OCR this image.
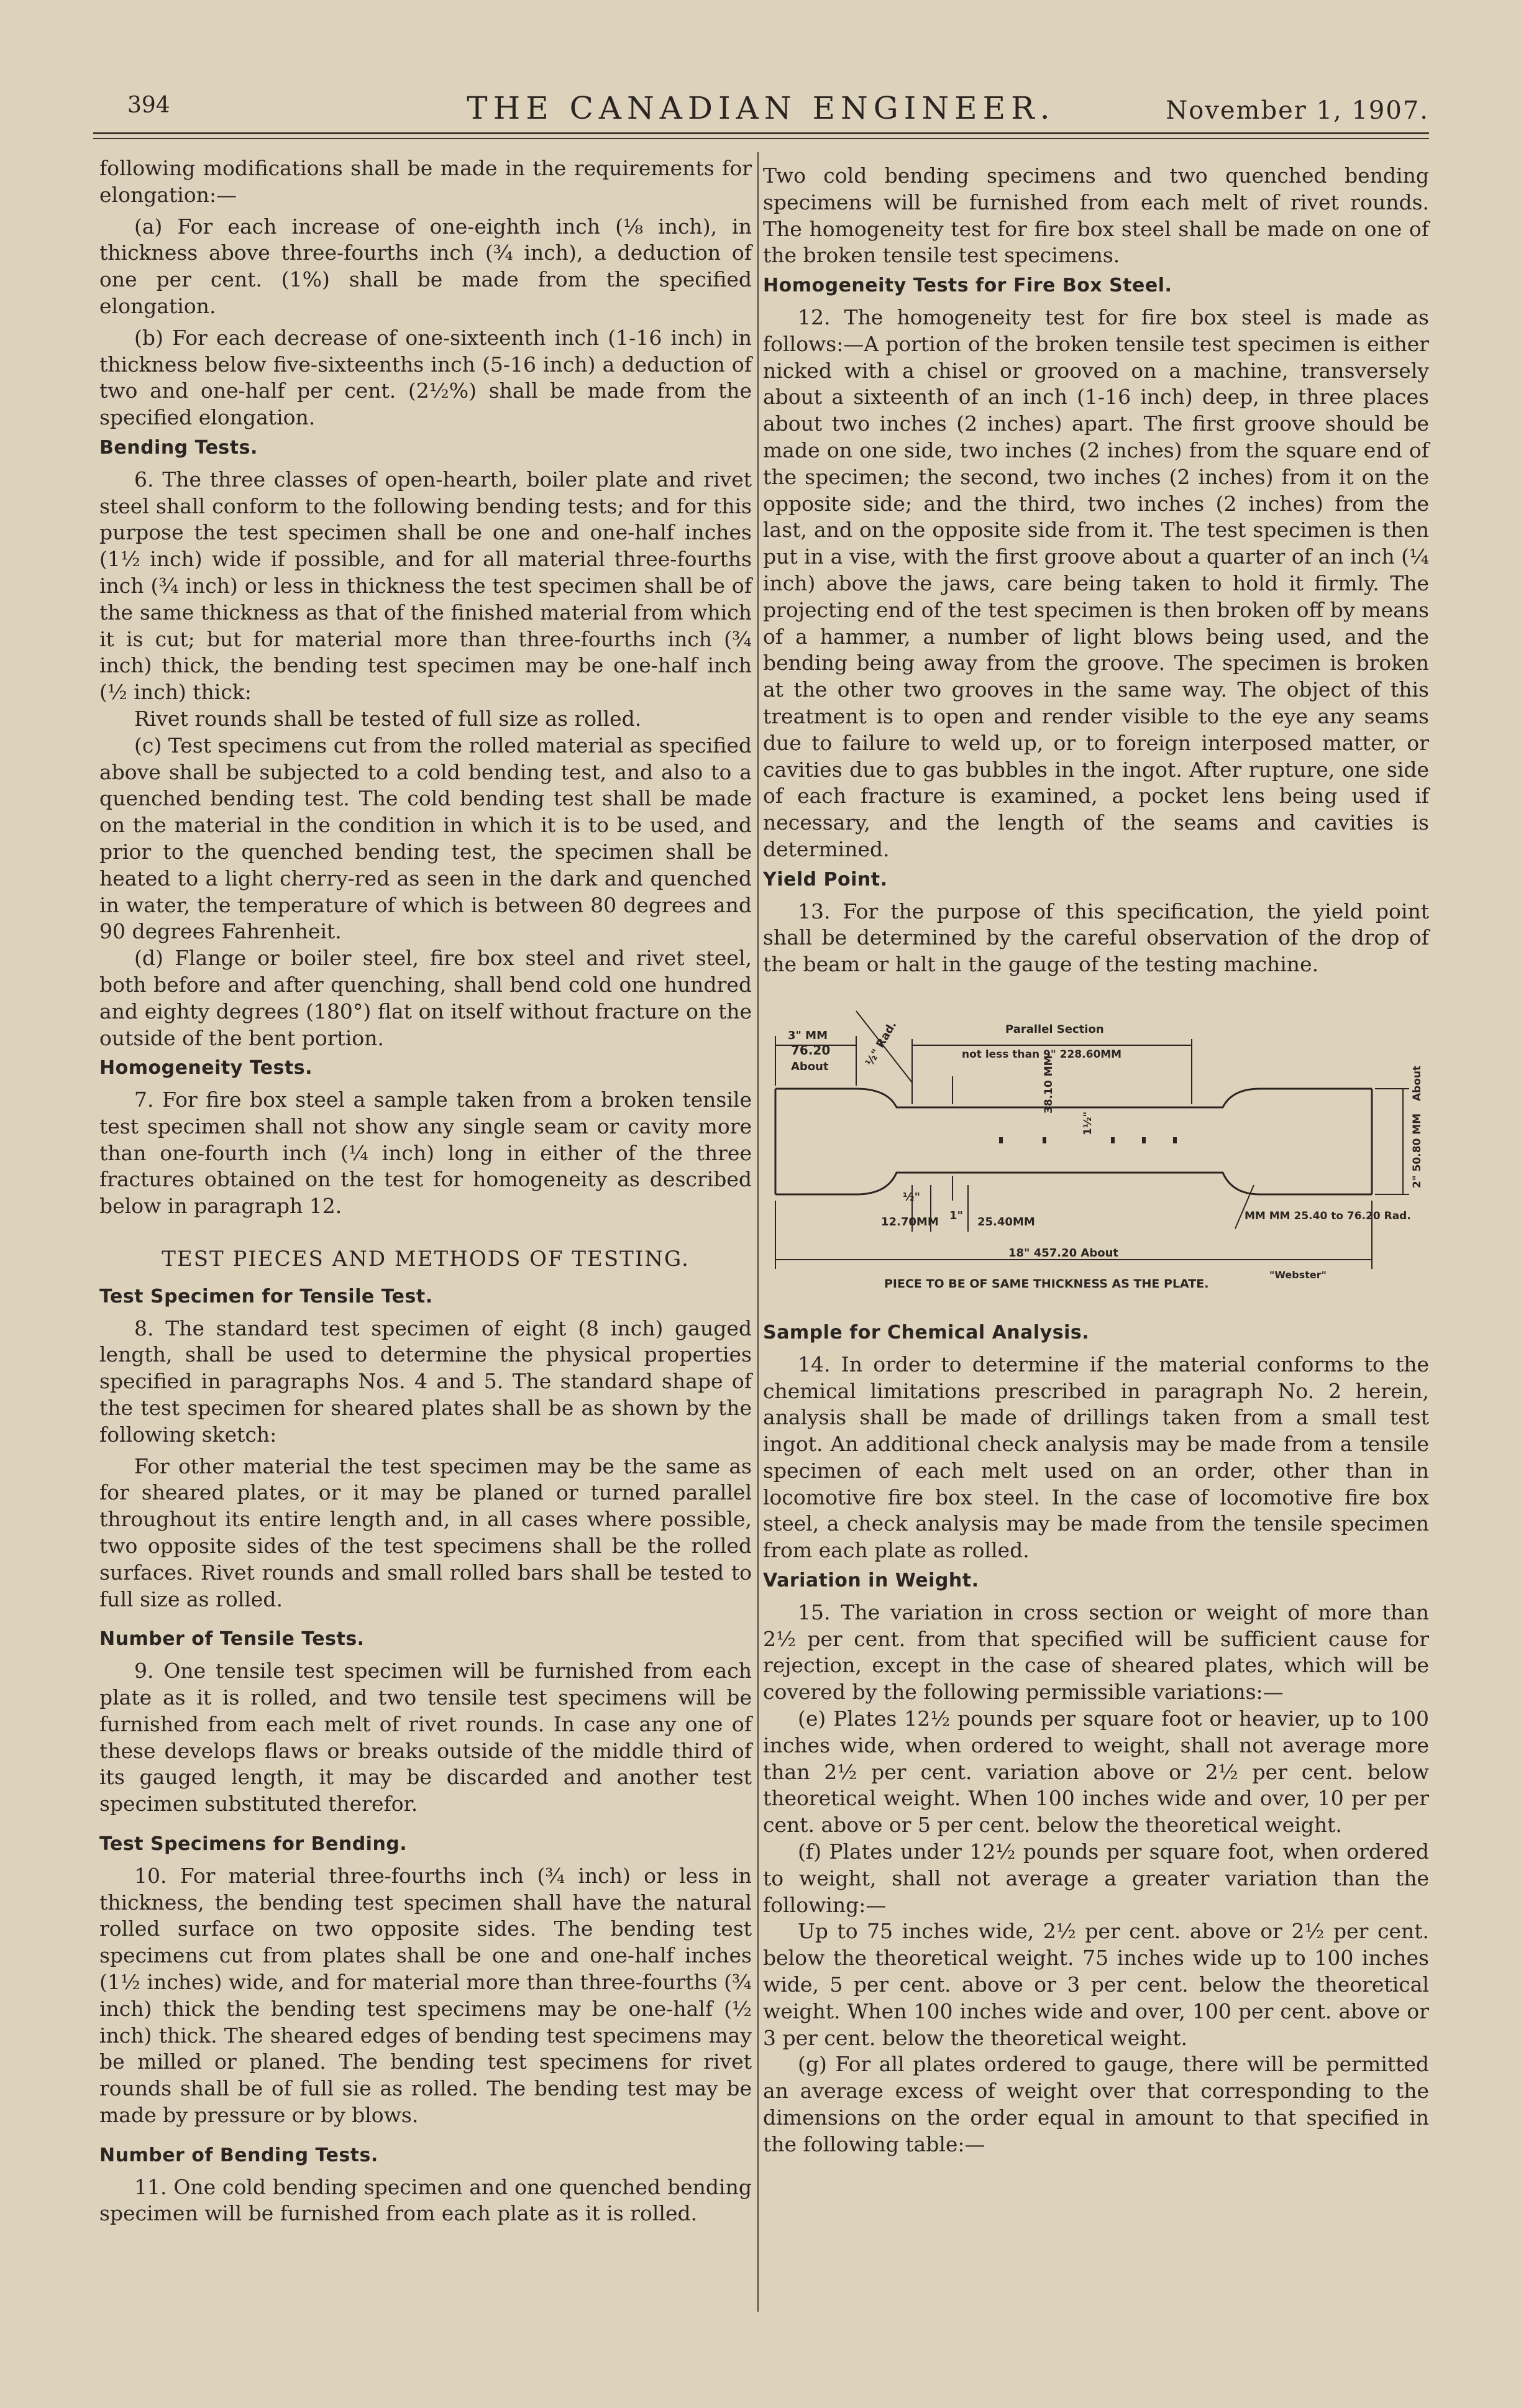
394	THE CANADIAN ENGINEER.	November 1, 1907.

following modifications shall be made in the requirements for elongation:—

(a) For each increase of one-eighth inch (⅛ inch), in thickness above three-fourths inch (¾ inch), a deduction of one per cent. (1%) shall be made from the specified elongation.

(b) For each decrease of one-sixteenth inch (1-16 inch) in thickness below five-sixteenths inch (5-16 inch) a deduction of two and one-half per cent. (2½%) shall be made from the specified elongation.

Bending Tests.

6. The three classes of open-hearth, boiler plate and rivet steel shall conform to the following bending tests; and for this purpose the test specimen shall be one and one-half inches (1½ inch) wide if possible, and for all material three-fourths inch (¾ inch) or less in thickness the test specimen shall be of the same thickness as that of the finished material from which it is cut; but for material more than three-fourths inch (¾ inch) thick, the bending test specimen may be one-half inch (½ inch) thick:

Rivet rounds shall be tested of full size as rolled.

(c) Test specimens cut from the rolled material as specified above shall be subjected to a cold bending test, and also to a quenched bending test. The cold bending test shall be made on the material in the condition in which it is to be used, and prior to the quenched bending test, the specimen shall be heated to a light cherry-red as seen in the dark and quenched in water, the temperature of which is between 80 degrees and 90 degrees Fahrenheit.

(d) Flange or boiler steel, fire box steel and rivet steel, both before and after quenching, shall bend cold one hundred and eighty degrees (180°) flat on itself without fracture on the outside of the bent portion.

Homogeneity Tests.

7. For fire box steel a sample taken from a broken tensile test specimen shall not show any single seam or cavity more than one-fourth inch (¼ inch) long in either of the three fractures obtained on the test for homogeneity as described below in paragraph 12.

TEST PIECES AND METHODS OF TESTING.
Test Specimen for Tensile Test.

8. The standard test specimen of eight (8 inch) gauged length, shall be used to determine the physical properties specified in paragraphs Nos. 4 and 5. The standard shape of the test specimen for sheared plates shall be as shown by the following sketch:

For other material the test specimen may be the same as for sheared plates, or it may be planed or turned parallel throughout its entire length and, in all cases where possible, two opposite sides of the test specimens shall be the rolled surfaces. Rivet rounds and small rolled bars shall be tested to full size as rolled.

Number of Tensile Tests.

9. One tensile test specimen will be furnished from each plate as it is rolled, and two tensile test specimens will be furnished from each melt of rivet rounds. In case any one of these develops flaws or breaks outside of the middle third of its gauged length, it may be discarded and another test specimen substituted therefor.

Test Specimens for Bending.

10. For material three-fourths inch (¾ inch) or less in thickness, the bending test specimen shall have the natural rolled surface on two opposite sides. The bending test specimens cut from plates shall be one and one-half inches (1½ inches) wide, and for material more than three-fourths (¾ inch) thick the bending test specimens may be one-half (½ inch) thick. The sheared edges of bending test specimens may be milled or planed. The bending test specimens for rivet rounds shall be of full sie as rolled. The bending test may be made by pressure or by blows.

Number of Bending Tests.

11. One cold bending specimen and one quenched bending specimen will be furnished from each plate as it is rolled.

Two cold bending specimens and two quenched bending specimens will be furnished from each melt of rivet rounds. The homogeneity test for fire box steel shall be made on one of the broken tensile test specimens.

Homogeneity Tests for Fire Box Steel.

12. The homogeneity test for fire box steel is made as follows:—A portion of the broken tensile test specimen is either nicked with a chisel or grooved on a machine, transversely about a sixteenth of an inch (1-16 inch) deep, in three places about two inches (2 inches) apart. The first groove should be made on one side, two inches (2 inches) from the square end of the specimen; the second, two inches (2 inches) from it on the opposite side; and the third, two inches (2 inches) from the last, and on the opposite side from it. The test specimen is then put in a vise, with the first groove about a quarter of an inch (¼ inch) above the jaws, care being taken to hold it firmly. The projecting end of the test specimen is then broken off by means of a hammer, a number of light blows being used, and the bending being away from the groove. The specimen is broken at the other two grooves in the same way. The object of this treatment is to open and render visible to the eye any seams due to failure to weld up, or to foreign interposed matter, or cavities due to gas bubbles in the ingot. After rupture, one side of each fracture is examined, a pocket lens being used if necessary, and the length of the seams and cavities is determined.

Yield Point.

13. For the purpose of this specification, the yield point shall be determined by the careful observation of the drop of the beam or halt in the gauge of the testing machine.

3" MM
76.20
About	½" Rad.	Parallel Section
not less than 9" 228.60MM
38.10 MM
1½"
About
2" 50.80 MM
12.70MM
½"
25.40MM
1"	MM MM 25.40 to 76.20 Rad.
18" 457.20 About
"Webster"
PIECE TO BE OF SAME THICKNESS AS THE PLATE.
Sample for Chemical Analysis.

14. In order to determine if the material conforms to the chemical limitations prescribed in paragraph No. 2 herein, analysis shall be made of drillings taken from a small test ingot. An additional check analysis may be made from a tensile specimen of each melt used on an order, other than in locomotive fire box steel. In the case of locomotive fire box steel, a check analysis may be made from the tensile specimen from each plate as rolled.

Variation in Weight.

15. The variation in cross section or weight of more than 2½ per cent. from that specified will be sufficient cause for rejection, except in the case of sheared plates, which will be covered by the following permissible variations:—

(e) Plates 12½ pounds per square foot or heavier, up to 100 inches wide, when ordered to weight, shall not average more than 2½ per cent. variation above or 2½ per cent. below theoretical weight. When 100 inches wide and over, 10 per per cent. above or 5 per cent. below the theoretical weight.

(f) Plates under 12½ pounds per square foot, when ordered to weight, shall not average a greater variation than the following:—

Up to 75 inches wide, 2½ per cent. above or 2½ per cent. below the theoretical weight. 75 inches wide up to 100 inches wide, 5 per cent. above or 3 per cent. below the theoretical weight. When 100 inches wide and over, 100 per cent. above or 3 per cent. below the theoretical weight.

(g) For all plates ordered to gauge, there will be permitted an average excess of weight over that corresponding to the dimensions on the order equal in amount to that specified in the following table:—
